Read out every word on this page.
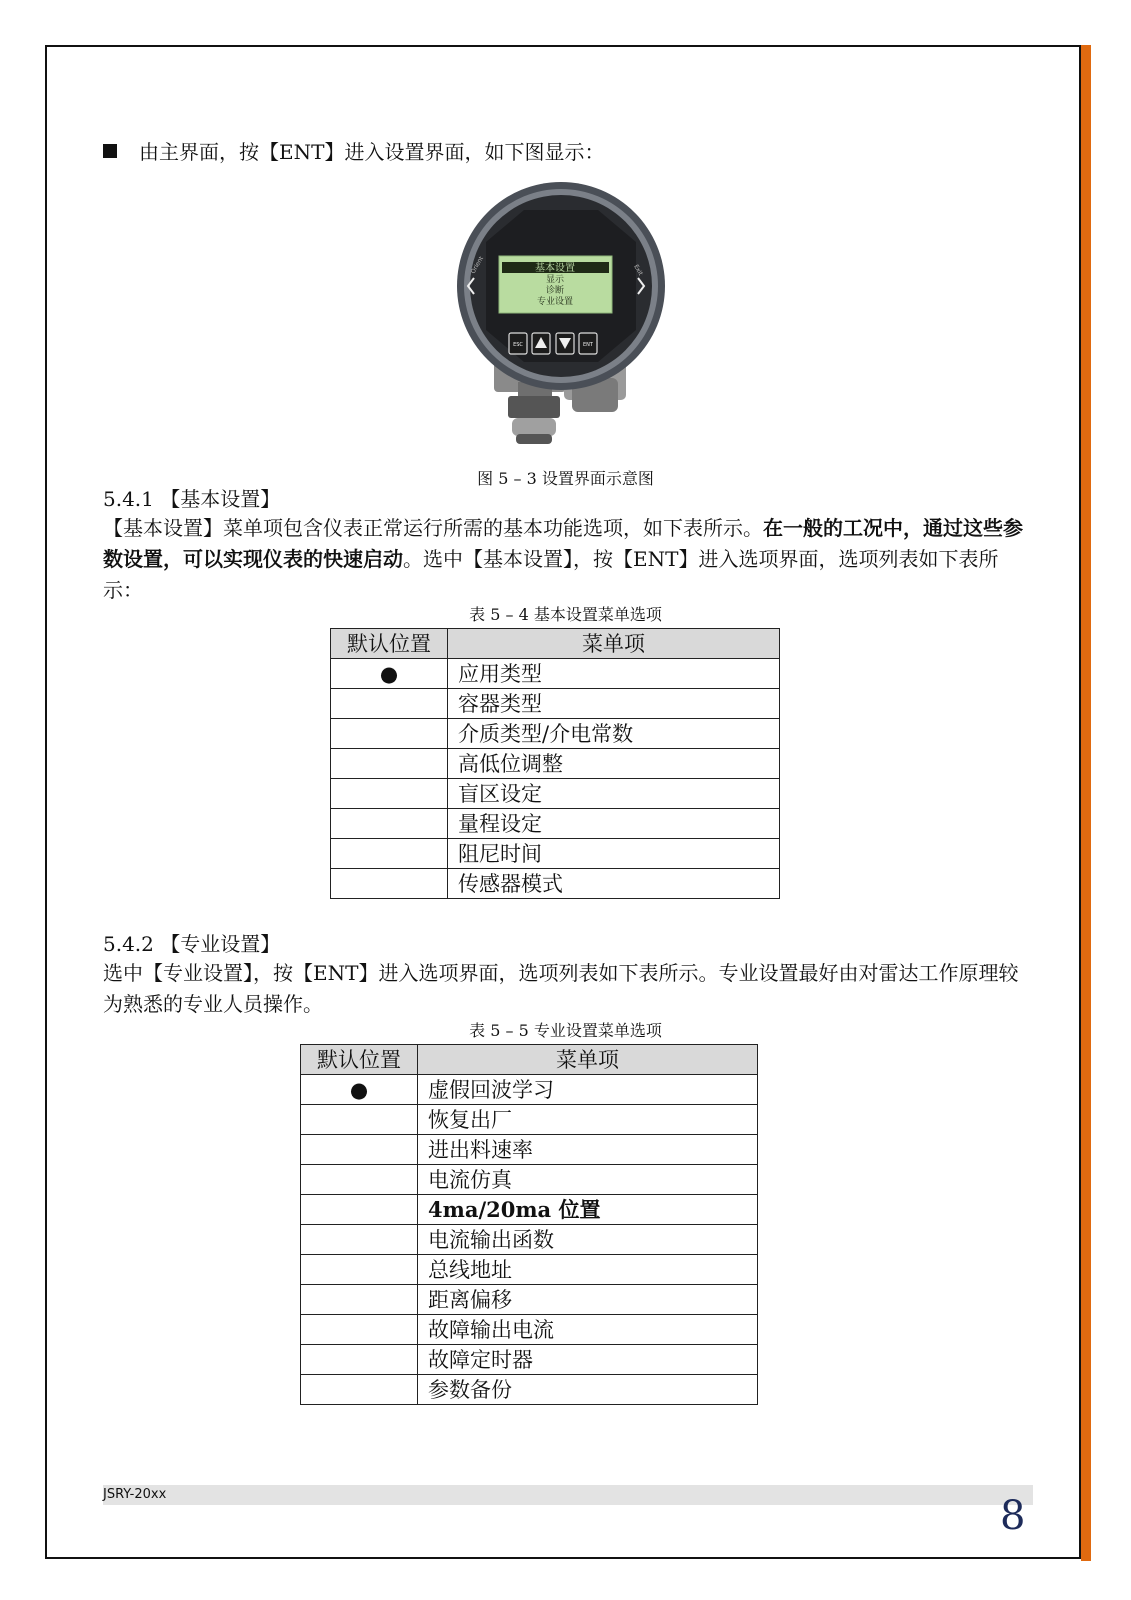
由主界面，按【ENT】进入设置界面，如下图显示：
Orient	Exit
基本设置
显示
诊断
专业设置
ESC	ENT
图 5 – 3 设置界面示意图
5.4.1 【基本设置】
【基本设置】菜单项包含仪表正常运行所需的基本功能选项，如下表所示。在一般的工况中，通过这些参数设置，可以实现仪表的快速启动。选中【基本设置】，按【ENT】进入选项界面，选项列表如下表所示：
表 5 – 4 基本设置菜单选项
默认位置	菜单项
●	应用类型
	容器类型
	介质类型/介电常数
	高低位调整
	盲区设定
	量程设定
	阻尼时间
	传感器模式
5.4.2 【专业设置】
选中【专业设置】，按【ENT】进入选项界面，选项列表如下表所示。专业设置最好由对雷达工作原理较为熟悉的专业人员操作。
表 5 – 5 专业设置菜单选项
默认位置	菜单项
●	虚假回波学习
	恢复出厂
	进出料速率
	电流仿真
	4ma/20ma 位置
	电流输出函数
	总线地址
	距离偏移
	故障输出电流
	故障定时器
	参数备份
JSRY-20xx	8
